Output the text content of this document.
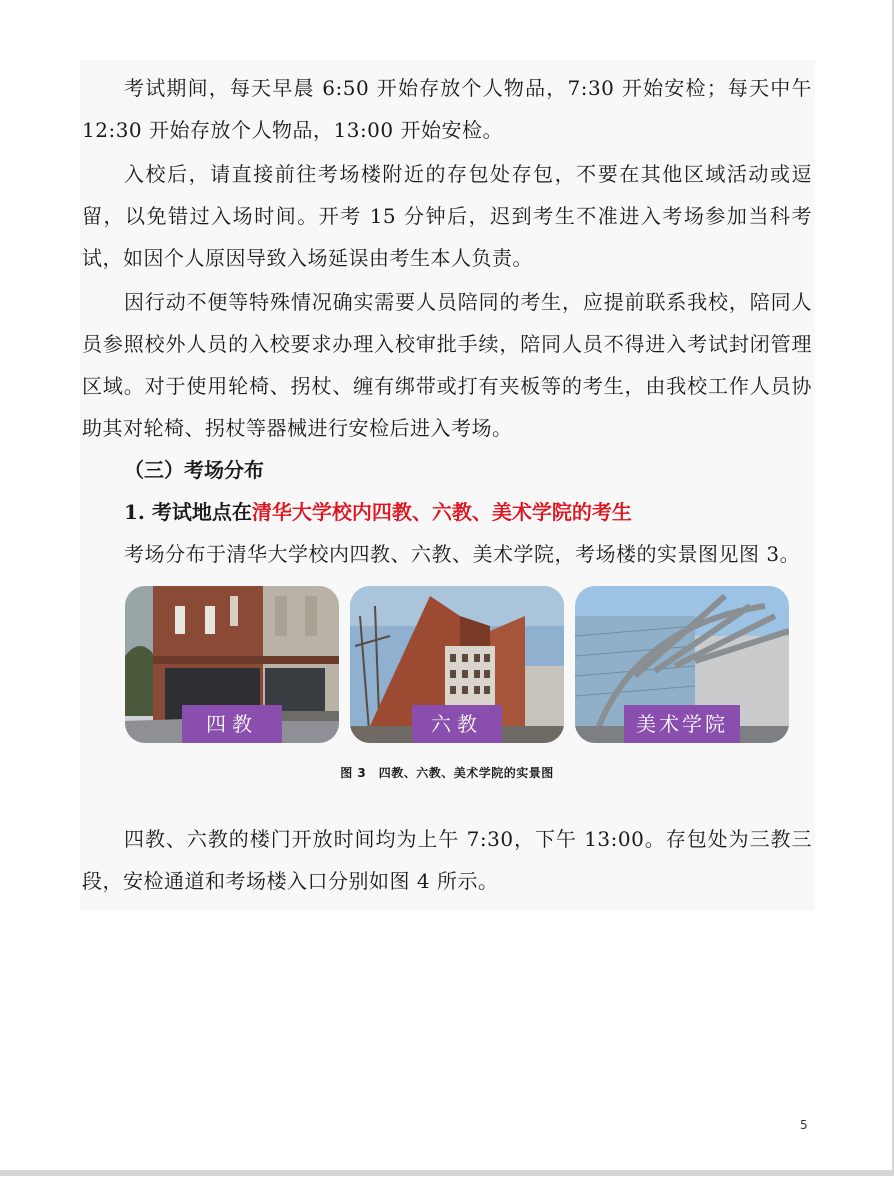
考试期间，每天早晨 6:50 开始存放个人物品，7:30 开始安检；每天中午 12:30 开始存放个人物品，13:00 开始安检。

入校后，请直接前往考场楼附近的存包处存包，不要在其他区域活动或逗留，以免错过入场时间。开考 15 分钟后，迟到考生不准进入考场参加当科考试，如因个人原因导致入场延误由考生本人负责。

因行动不便等特殊情况确实需要人员陪同的考生，应提前联系我校，陪同人员参照校外人员的入校要求办理入校审批手续，陪同人员不得进入考试封闭管理区域。对于使用轮椅、拐杖、缠有绑带或打有夹板等的考生，由我校工作人员协助其对轮椅、拐杖等器械进行安检后进入考场。

（三）考场分布

1. 考试地点在清华大学校内四教、六教、美术学院的考生

考场分布于清华大学校内四教、六教、美术学院，考场楼的实景图见图 3。

四教	六教	美术学院
图 3　四教、六教、美术学院的实景图

四教、六教的楼门开放时间均为上午 7:30，下午 13:00。存包处为三教三段，安检通道和考场楼入口分别如图 4 所示。

5
